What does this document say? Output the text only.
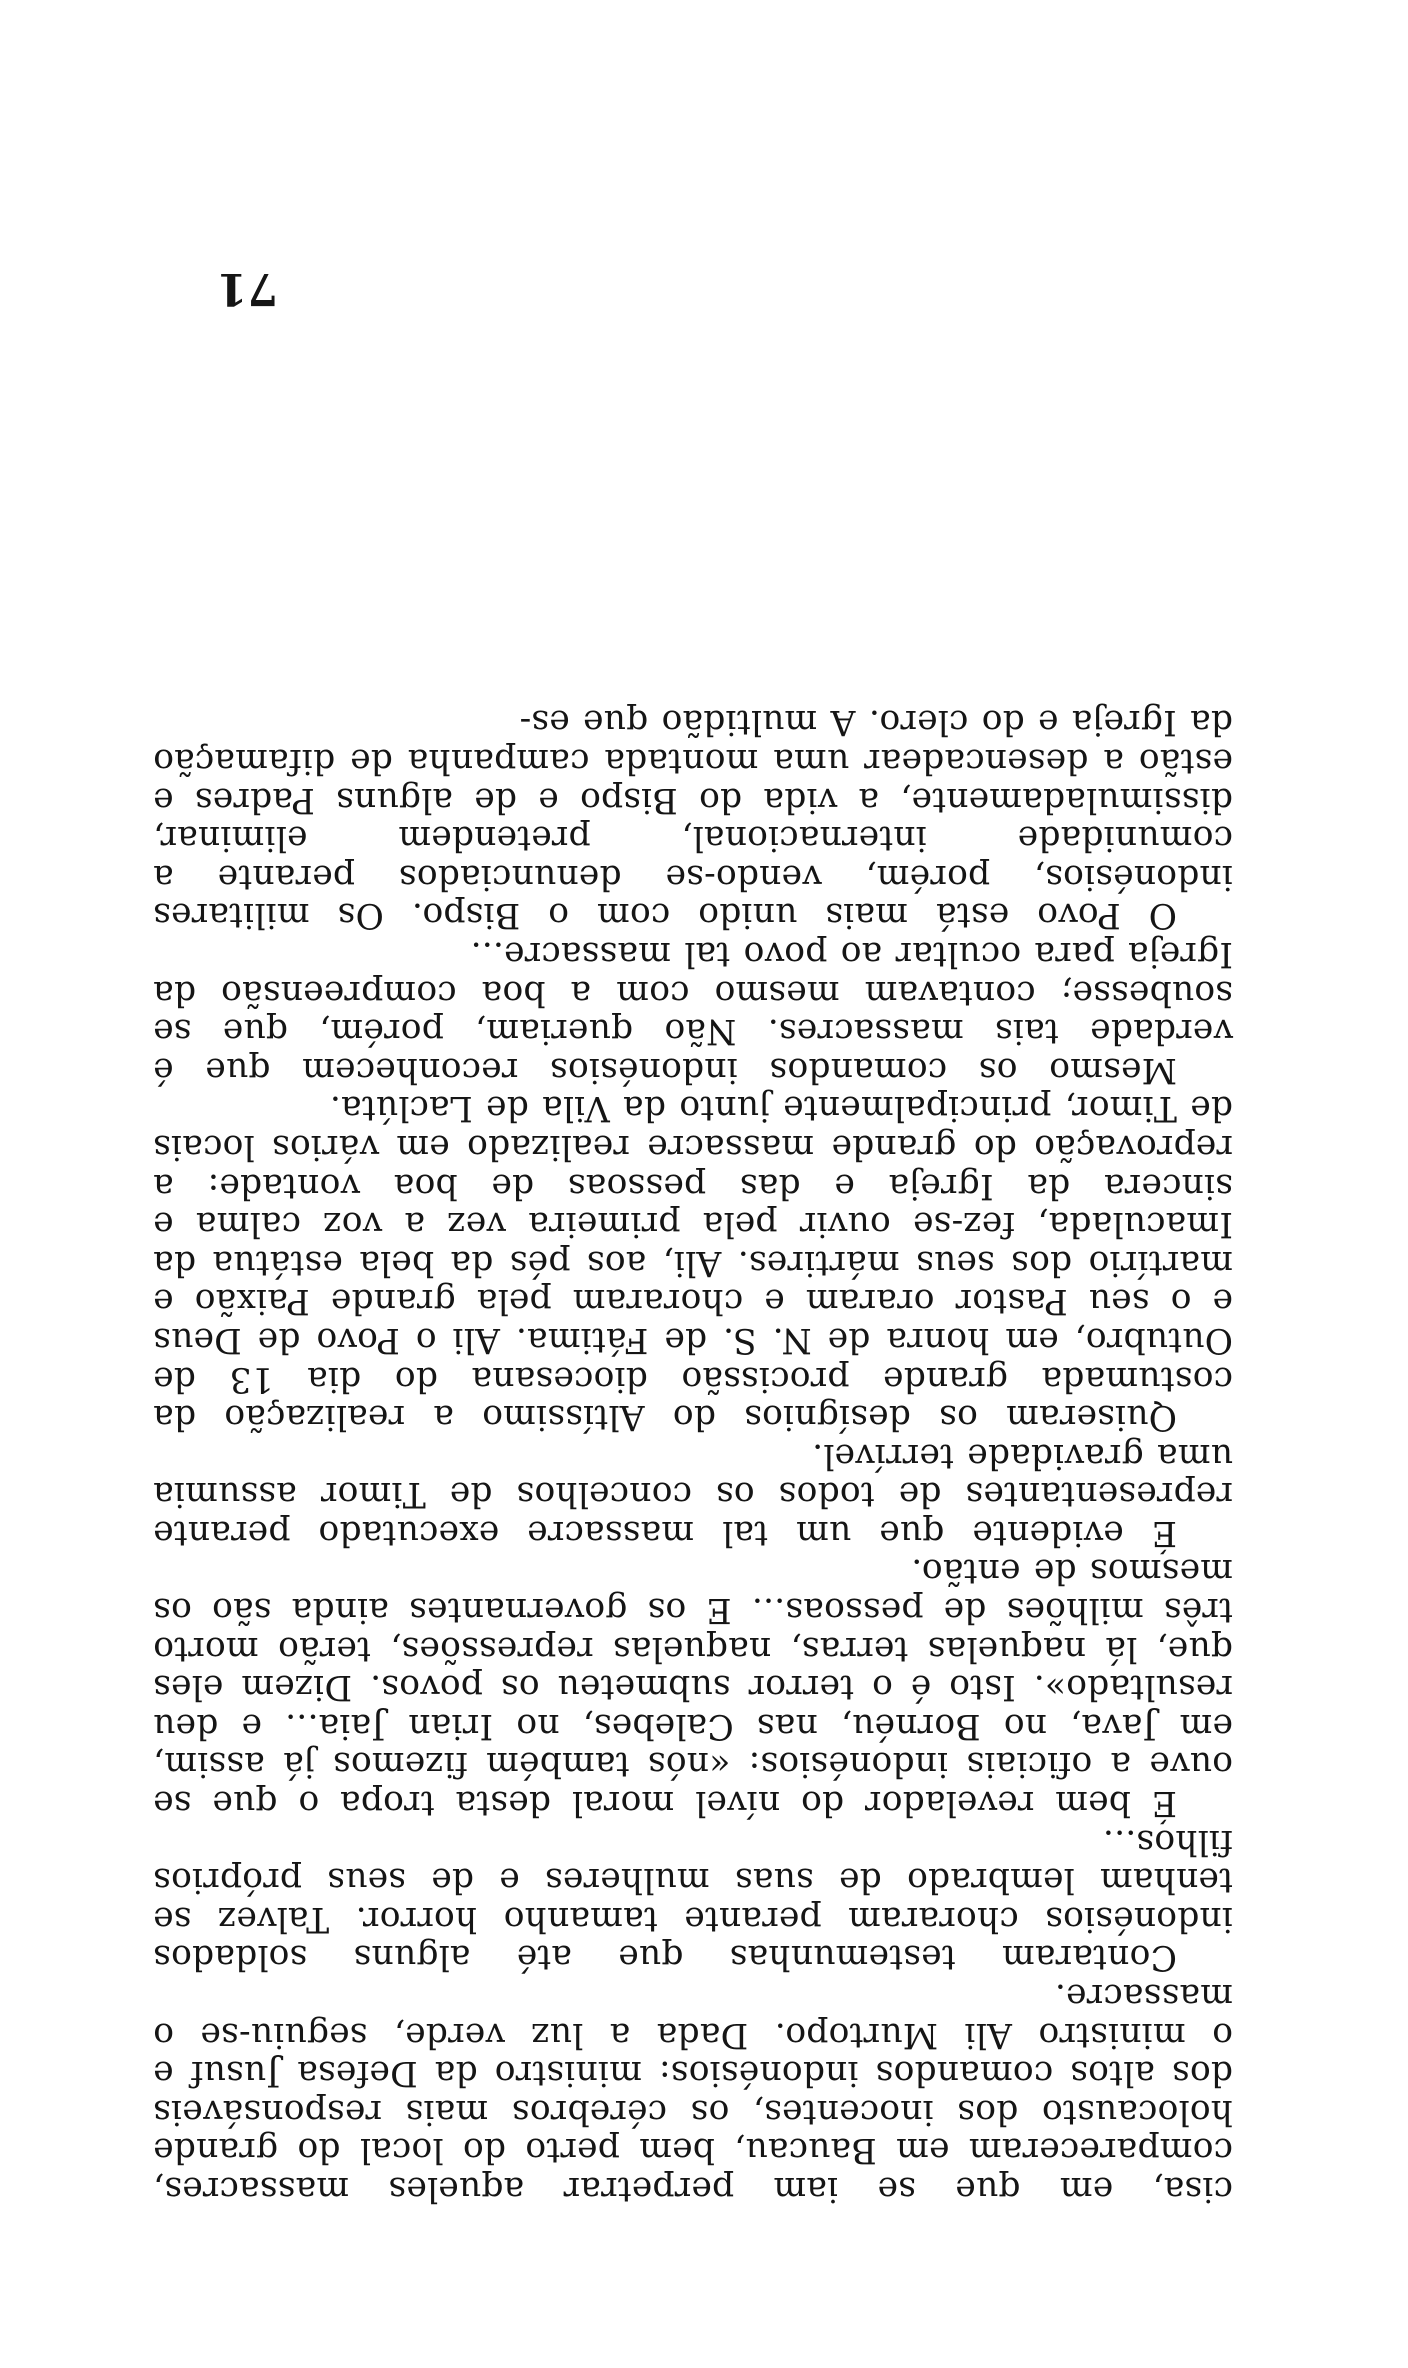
cisa, em que se iam perpetrar aqueles massacres, compareceram em Baucau, bem perto do local do grande holocausto dos inocentes, os cérebros mais responsáveis dos altos comandos indonésios: ministro da Defesa Jusuf e o ministro Ali Murtopo. Dada a luz verde, seguiu-se o massacre.

Contaram testemunhas que até alguns soldados indonésios choraram perante tamanho horror. Talvez se tenham lembrado de suas mulheres e de seus próprios filhos...

É bem revelador do nível moral desta tropa o que se ouve a oficiais indonésios: «nós também fizemos já assim, em Java, no Bornéu, nas Calebes, no Irian Jaia... e deu resultado». Isto é o terror submeteu os povos. Dizem eles que, lá naquelas terras, naquelas repressões, terão morto três milhões de pessoas... E os governantes ainda são os mesmos de então.

É evidente que um tal massacre executado perante representantes de todos os concelhos de Timor assumia uma gravidade terrível.

Quiseram os desígnios do Altíssimo a realização da costumada grande procissão diocesana do dia 13 de Outubro, em honra de N. S. de Fátima. Ali o Povo de Deus e o seu Pastor oraram e choraram pela grande Paixão e martírio dos seus mártires. Ali, aos pés da bela estátua da Imaculada, fez-se ouvir pela primeira vez a voz calma e sincera da Igreja e das pessoas de boa vontade: a reprovação do grande massacre realizado em vários locais de Timor, principalmente junto da Vila de Laclúta.

Mesmo os comandos indonésios reconhecem que é verdade tais massacres. Não queriam, porém, que se soubesse; contavam mesmo com a boa compreensão da Igreja para ocultar ao povo tal massacre...

O Povo está mais unido com o Bispo. Os militares indonésios, porém, vendo-se denunciados perante a comunidade internacional, pretendem eliminar, dissimuladamente, a vida do Bispo e de alguns Padres e estão a desencadear uma montada campanha de difamação da Igreja e do clero. A multidão que es-

71
